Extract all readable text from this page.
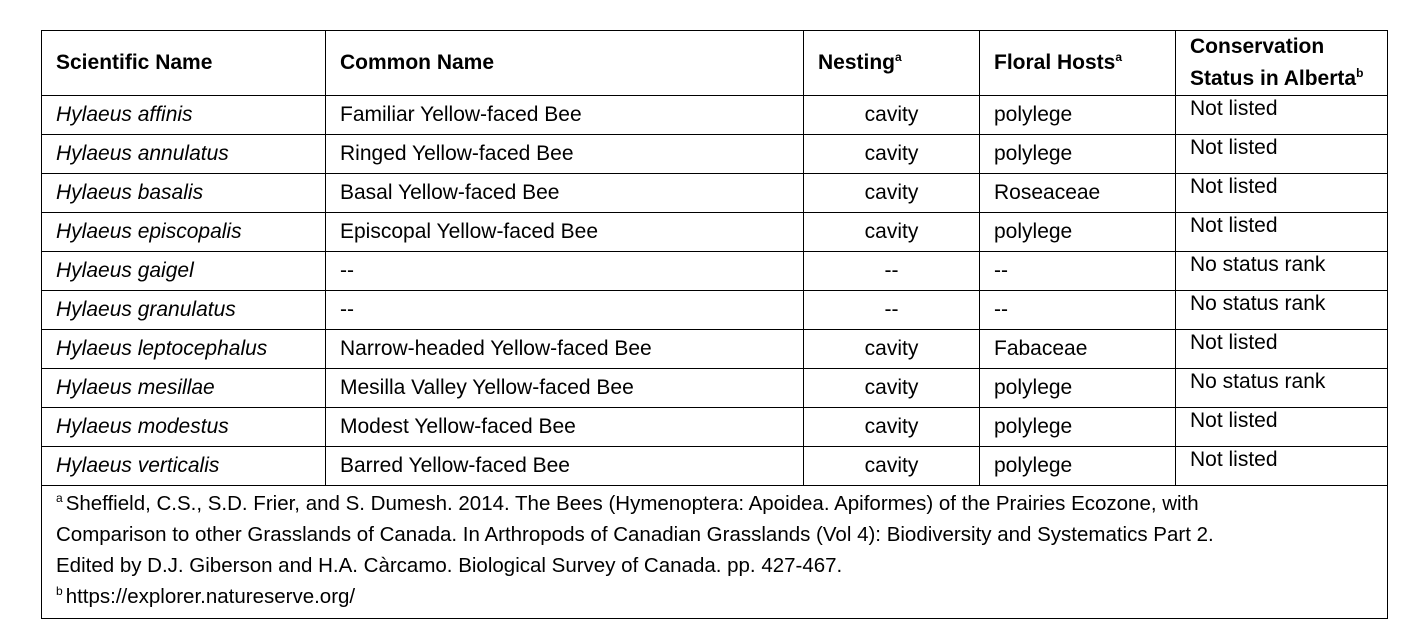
Scientific Name	Common Name	Nesting$^a$	Floral Hosts$^a$	Conservation
Status in Alberta$^b$
Hylaeus affinis	Familiar Yellow-faced Bee	cavity	polylege	Not listed
Hylaeus annulatus	Ringed Yellow-faced Bee	cavity	polylege	Not listed
Hylaeus basalis	Basal Yellow-faced Bee	cavity	Roseaceae	Not listed
Hylaeus episcopalis	Episcopal Yellow-faced Bee	cavity	polylege	Not listed
Hylaeus gaigel	--	--	--	No status rank
Hylaeus granulatus	--	--	--	No status rank
Hylaeus leptocephalus	Narrow-headed Yellow-faced Bee	cavity	Fabaceae	Not listed
Hylaeus mesillae	Mesilla Valley Yellow-faced Bee	cavity	polylege	No status rank
Hylaeus modestus	Modest Yellow-faced Bee	cavity	polylege	Not listed
Hylaeus verticalis	Barred Yellow-faced Bee	cavity	polylege	Not listed

$^a$ Sheffield, C.S., S.D. Frier, and S. Dumesh. 2014. The Bees (Hymenoptera: Apoidea. Apiformes) of the Prairies Ecozone, with
Comparison to other Grasslands of Canada. In Arthropods of Canadian Grasslands (Vol 4): Biodiversity and Systematics Part 2.
Edited by D.J. Giberson and H.A. Càrcamo. Biological Survey of Canada. pp. 427-467.
$^b$ https://explorer.natureserve.org/				
